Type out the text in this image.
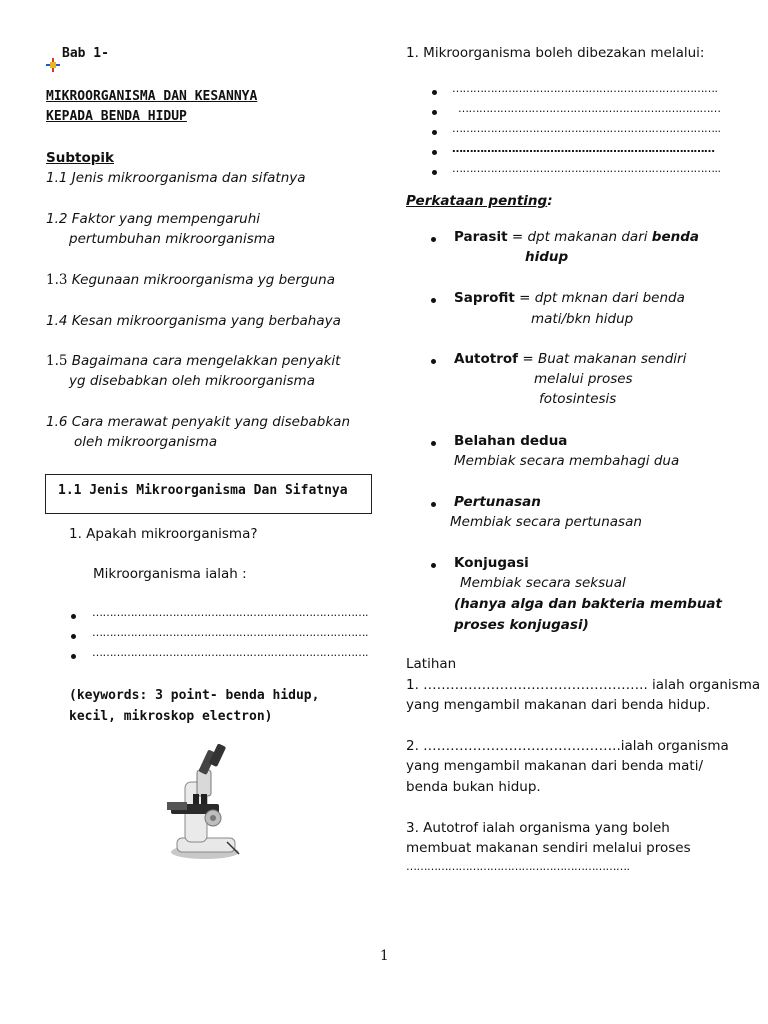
Bab 1-
MIKROORGANISMA DAN KESANNYA
KEPADA BENDA HIDUP
Subtopik
1.1 Jenis mikroorganisma dan sifatnya
1.2 Faktor yang mempengaruhi
pertumbuhan mikroorganisma
1.3 Kegunaan mikroorganisma yg berguna
1.4 Kesan mikroorganisma yang berbahaya
1.5 Bagaimana cara mengelakkan penyakit
yg disebabkan oleh mikroorganisma
1.6 Cara merawat penyakit yang disebabkan
oleh mikroorganisma
1.1 Jenis Mikroorganisma Dan Sifatnya
1. Apakah mikroorganisma?
Mikroorganisma ialah :
…………………………………………………………………….
…………………………………………………………………….
…………………………………………………………………….
(keywords: 3 point- benda hidup,
kecil, mikroskop electron)
1. Mikroorganisma boleh dibezakan melalui:
………………………………………………………………….
…………………………………………………………………
…………………………………………………………………..
…………………………………………………………………
…………………………………………………………………..
Perkataan penting:
Parasit = dpt makanan dari benda
hidup
Saprofit = dpt mknan dari benda
mati/bkn hidup
Autotrof = Buat makanan sendiri
melalui proses
fotosintesis
Belahan dedua
Membiak secara membahagi dua
Pertunasan
Membiak secara pertunasan
Konjugasi
Membiak secara seksual
(hanya alga dan bakteria membuat
proses konjugasi)
Latihan
1. ………………………………………….. ialah organisma
yang mengambil makanan dari benda hidup.
2. ……………………………………..ialah organisma
yang mengambil makanan dari benda mati/
benda bukan hidup.
3. Autotrof ialah organisma yang boleh
membuat makanan sendiri melalui proses
……………………………………………………….
1
